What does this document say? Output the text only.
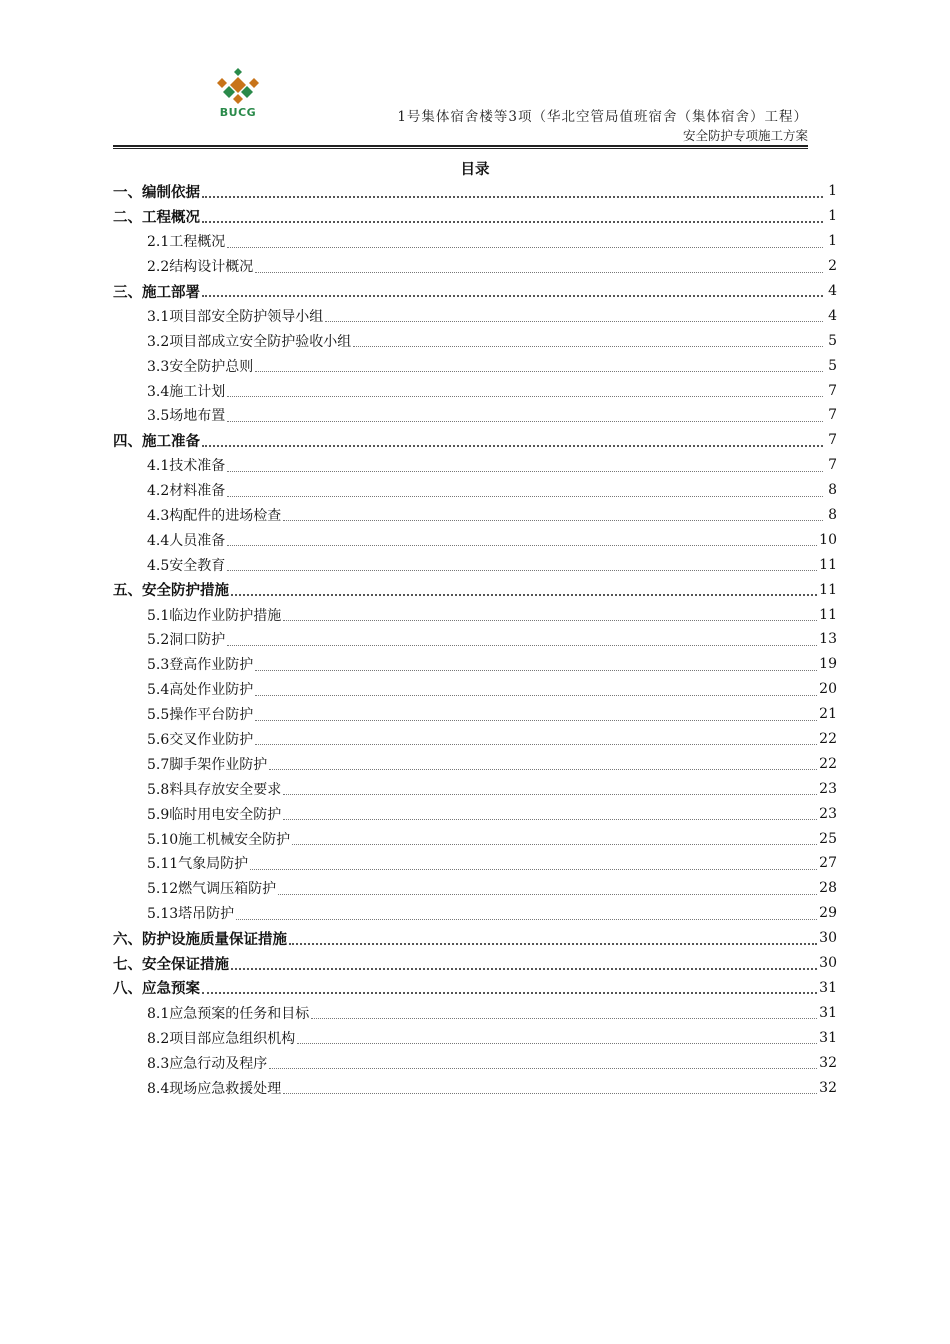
BUCG	1号集体宿舍楼等3项（华北空管局值班宿舍（集体宿舍）工程）
安全防护专项施工方案
目录
一、编制依据	1
二、工程概况	1
2.1工程概况	1
2.2结构设计概况	2
三、施工部署	4
3.1项目部安全防护领导小组	4
3.2项目部成立安全防护验收小组	5
3.3安全防护总则	5
3.4施工计划	7
3.5场地布置	7
四、施工准备	7
4.1技术准备	7
4.2材料准备	8
4.3构配件的进场检查	8
4.4人员准备	10
4.5安全教育	11
五、安全防护措施	11
5.1临边作业防护措施	11
5.2洞口防护	13
5.3登高作业防护	19
5.4高处作业防护	20
5.5操作平台防护	21
5.6交叉作业防护	22
5.7脚手架作业防护	22
5.8料具存放安全要求	23
5.9临时用电安全防护	23
5.10施工机械安全防护	25
5.11气象局防护	27
5.12燃气调压箱防护	28
5.13塔吊防护	29
六、防护设施质量保证措施	30
七、安全保证措施	30
八、应急预案	31
8.1应急预案的任务和目标	31
8.2项目部应急组织机构	31
8.3应急行动及程序	32
8.4现场应急救援处理	32
